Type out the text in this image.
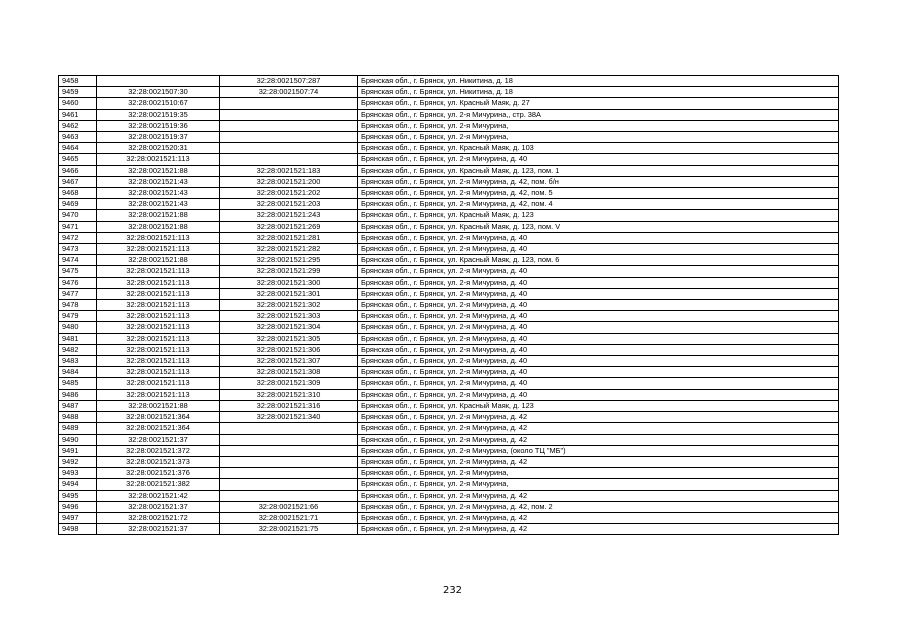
9458		32:28:0021507:287	Брянская обл., г. Брянск, ул. Никитина, д. 18
9459	32:28:0021507:30	32:28:0021507:74	Брянская обл., г. Брянск, ул. Никитина, д. 18
9460	32:28:0021510:67		Брянская обл., г. Брянск, ул. Красный Маяк, д. 27
9461	32:28:0021519:35		Брянская обл., г. Брянск, ул. 2-я Мичурина,, стр. 38А
9462	32:28:0021519:36		Брянская обл., г. Брянск, ул. 2-я Мичурина,
9463	32:28:0021519:37		Брянская обл., г. Брянск, ул. 2-я Мичурина,
9464	32:28:0021520:31		Брянская обл., г. Брянск, ул. Красный Маяк, д. 103
9465	32:28:0021521:113		Брянская обл., г. Брянск, ул. 2-я Мичурина, д. 40
9466	32:28:0021521:88	32:28:0021521:183	Брянская обл., г. Брянск, ул. Красный Маяк, д. 123, пом. 1
9467	32:28:0021521:43	32:28:0021521:200	Брянская обл., г. Брянск, ул. 2-я Мичурина, д. 42, пом. б/н
9468	32:28:0021521:43	32:28:0021521:202	Брянская обл., г. Брянск, ул. 2-я Мичурина, д. 42, пом. 5
9469	32:28:0021521:43	32:28:0021521:203	Брянская обл., г. Брянск, ул. 2-я Мичурина, д. 42, пом. 4
9470	32:28:0021521:88	32:28:0021521:243	Брянская обл., г. Брянск, ул. Красный Маяк, д. 123
9471	32:28:0021521:88	32:28:0021521:269	Брянская обл., г. Брянск, ул. Красный Маяк, д. 123, пом. V
9472	32:28:0021521:113	32:28:0021521:281	Брянская обл., г. Брянск, ул. 2-я Мичурина, д. 40
9473	32:28:0021521:113	32:28:0021521:282	Брянская обл., г. Брянск, ул. 2-я Мичурина, д. 40
9474	32:28:0021521:88	32:28:0021521:295	Брянская обл., г. Брянск, ул. Красный Маяк, д. 123, пом. 6
9475	32:28:0021521:113	32:28:0021521:299	Брянская обл., г. Брянск, ул. 2-я Мичурина, д. 40
9476	32:28:0021521:113	32:28:0021521:300	Брянская обл., г. Брянск, ул. 2-я Мичурина, д. 40
9477	32:28:0021521:113	32:28:0021521:301	Брянская обл., г. Брянск, ул. 2-я Мичурина, д. 40
9478	32:28:0021521:113	32:28:0021521:302	Брянская обл., г. Брянск, ул. 2-я Мичурина, д. 40
9479	32:28:0021521:113	32:28:0021521:303	Брянская обл., г. Брянск, ул. 2-я Мичурина, д. 40
9480	32:28:0021521:113	32:28:0021521:304	Брянская обл., г. Брянск, ул. 2-я Мичурина, д. 40
9481	32:28:0021521:113	32:28:0021521:305	Брянская обл., г. Брянск, ул. 2-я Мичурина, д. 40
9482	32:28:0021521:113	32:28:0021521:306	Брянская обл., г. Брянск, ул. 2-я Мичурина, д. 40
9483	32:28:0021521:113	32:28:0021521:307	Брянская обл., г. Брянск, ул. 2-я Мичурина, д. 40
9484	32:28:0021521:113	32:28:0021521:308	Брянская обл., г. Брянск, ул. 2-я Мичурина, д. 40
9485	32:28:0021521:113	32:28:0021521:309	Брянская обл., г. Брянск, ул. 2-я Мичурина, д. 40
9486	32:28:0021521:113	32:28:0021521:310	Брянская обл., г. Брянск, ул. 2-я Мичурина, д. 40
9487	32:28:0021521:88	32:28:0021521:316	Брянская обл., г. Брянск, ул. Красный Маяк, д. 123
9488	32:28:0021521:364	32:28:0021521:340	Брянская обл., г. Брянск, ул. 2-я Мичурина, д. 42
9489	32:28:0021521:364		Брянская обл., г. Брянск, ул. 2-я Мичурина, д. 42
9490	32:28:0021521:37		Брянская обл., г. Брянск, ул. 2-я Мичурина, д. 42
9491	32:28:0021521:372		Брянская обл., г. Брянск, ул. 2-я Мичурина, (около ТЦ "МБ")
9492	32:28:0021521:373		Брянская обл., г. Брянск, ул. 2-я Мичурина, д. 42
9493	32:28:0021521:376		Брянская обл., г. Брянск, ул. 2-я Мичурина,
9494	32:28:0021521:382		Брянская обл., г. Брянск, ул. 2-я Мичурина,
9495	32:28:0021521:42		Брянская обл., г. Брянск, ул. 2-я Мичурина, д. 42
9496	32:28:0021521:37	32:28:0021521:66	Брянская обл., г. Брянск, ул. 2-я Мичурина, д. 42, пом. 2
9497	32:28:0021521:72	32:28:0021521:71	Брянская обл., г. Брянск, ул. 2-я Мичурина, д. 42
9498	32:28:0021521:37	32:28:0021521:75	Брянская обл., г. Брянск, ул. 2-я Мичурина, д. 42
232
